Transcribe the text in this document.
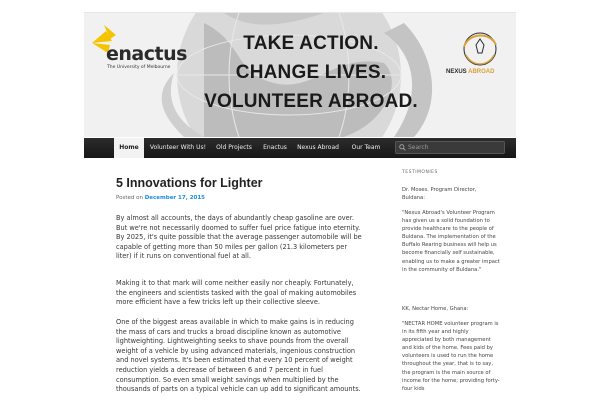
enactus
The University of Melbourne
TAKE ACTION.
CHANGE LIVES.
VOLUNTEER ABROAD.
NEXUS ABROAD
Home	Volunteer With Us!	Old Projects	Enactus	Nexus Abroad	Our Team	Search
5 Innovations for Lighter
Posted on December 17, 2015
By almost all accounts, the days of abundantly cheap gasoline are over. But we're not necessarily doomed to suffer fuel price fatigue into eternity. By 2025, it's quite possible that the average passenger automobile will be capable of getting more than 50 miles per gallon (21.3 kilometers per liter) if it runs on conventional fuel at all.
Making it to that mark will come neither easily nor cheaply. Fortunately, the engineers and scientists tasked with the goal of making automobiles more efficient have a few tricks left up their collective sleeve.
One of the biggest areas available in which to make gains is in reducing the mass of cars and trucks a broad discipline known as automotive lightweighting. Lightweighting seeks to shave pounds from the overall weight of a vehicle by using advanced materials, ingenious construction and novel systems. It's been estimated that every 10 percent of weight reduction yields a decrease of between 6 and 7 percent in fuel consumption. So even small weight savings when multiplied by the thousands of parts on a typical vehicle can up add to significant amounts.
TESTIMONIES
Dr. Moses. Program Director, Buldana:
"Nexus Abroad's Volunteer Program has given us a solid foundation to provide healthcare to the people of Buldana. The implementation of the Buffalo Rearing business will help us become financially self sustainable, enabling us to make a greater impact in the community of Buldana."
KK, Nectar Home, Ghana:
"NECTAR HOME volunteer program is in its fifth year and highly appreciated by both management and kids of the home. Fees paid by volunteers is used to run the home throughout the year, that is to say, the program is the main source of income for the home; providing forty-four kids
